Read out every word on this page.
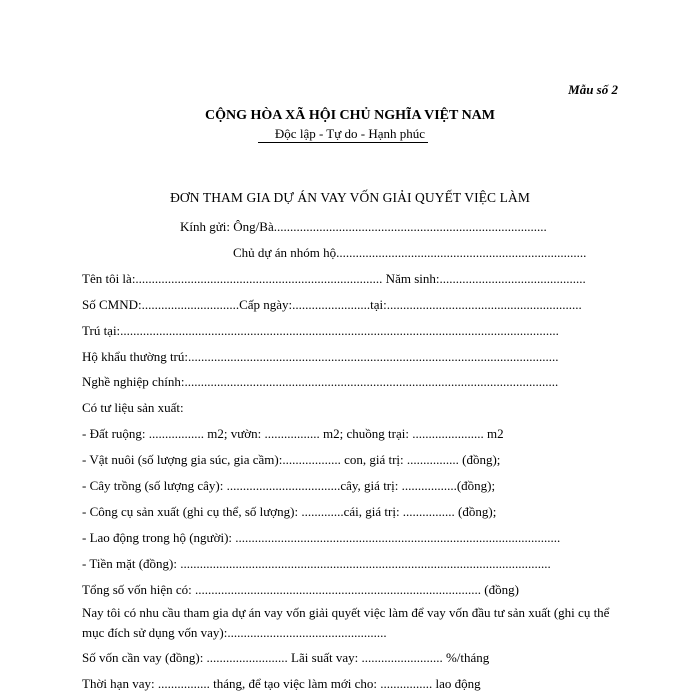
Mẫu số 2
CỘNG HÒA XÃ HỘI CHỦ NGHĨA VIỆT NAM
Độc lập - Tự do - Hạnh phúc
ĐƠN THAM GIA DỰ ÁN VAY VỐN GIẢI QUYẾT VIỆC LÀM
Kính gửi: Ông/Bà....................................................................................
Chủ dự án nhóm hộ.............................................................................
Tên tôi là:............................................................................ Năm sinh:.............................................
Số CMND:..............................Cấp ngày:........................tại:............................................................
Trú tại:.......................................................................................................................................
Hộ khẩu thường trú:..................................................................................................................
Nghề nghiệp chính:...................................................................................................................
Có tư liệu sản xuất:
- Đất ruộng: ................. m2; vườn: ................. m2; chuồng trại: ...................... m2
- Vật nuôi (số lượng gia súc, gia cầm):.................. con, giá trị: ................ (đồng);
- Cây trồng (số lượng cây): ...................................cây, giá trị: .................(đồng);
- Công cụ sản xuất (ghi cụ thể, số lượng): .............cái, giá trị: ................ (đồng);
- Lao động trong hộ (người): ....................................................................................................
- Tiền mặt (đồng): ..................................................................................................................
Tổng số vốn hiện có: ........................................................................................ (đồng)
Nay tôi có nhu cầu tham gia dự án vay vốn giải quyết việc làm để vay vốn đầu tư sản xuất (ghi cụ thể mục đích sử dụng vốn vay):.................................................
Số vốn cần vay (đồng): ......................... Lãi suất vay: ......................... %/tháng
Thời hạn vay: ................ tháng, để tạo việc làm mới cho: ................ lao động
